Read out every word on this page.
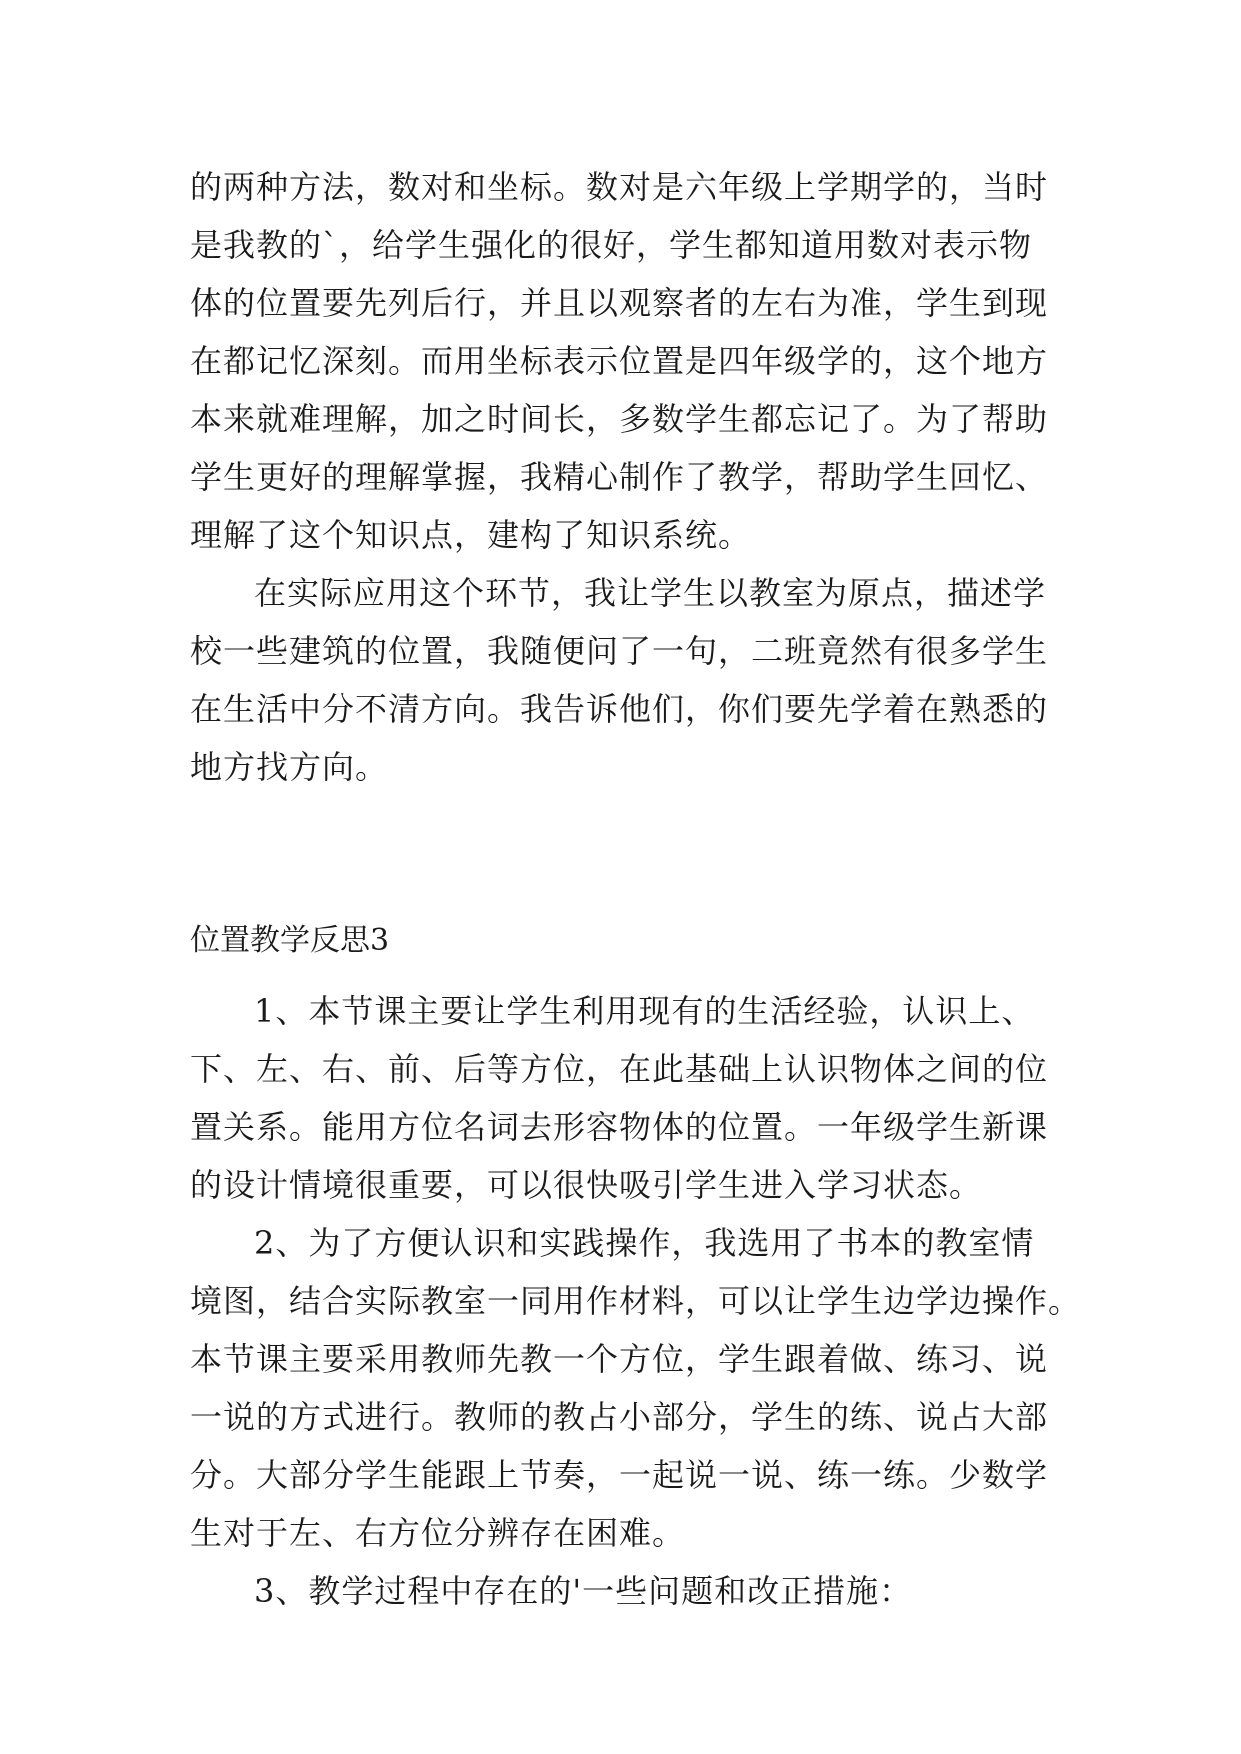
的两种方法，数对和坐标。数对是六年级上学期学的，当时
是我教的`，给学生强化的很好，学生都知道用数对表示物
体的位置要先列后行，并且以观察者的左右为准，学生到现
在都记忆深刻。而用坐标表示位置是四年级学的，这个地方
本来就难理解，加之时间长，多数学生都忘记了。为了帮助
学生更好的理解掌握，我精心制作了教学，帮助学生回忆、
理解了这个知识点，建构了知识系统。
在实际应用这个环节，我让学生以教室为原点，描述学
校一些建筑的位置，我随便问了一句，二班竟然有很多学生
在生活中分不清方向。我告诉他们，你们要先学着在熟悉的
地方找方向。
位置教学反思3
1、本节课主要让学生利用现有的生活经验，认识上、
下、左、右、前、后等方位，在此基础上认识物体之间的位
置关系。能用方位名词去形容物体的位置。一年级学生新课
的设计情境很重要，可以很快吸引学生进入学习状态。
2、为了方便认识和实践操作，我选用了书本的教室情
境图，结合实际教室一同用作材料，可以让学生边学边操作。
本节课主要采用教师先教一个方位，学生跟着做、练习、说
一说的方式进行。教师的教占小部分，学生的练、说占大部
分。大部分学生能跟上节奏，一起说一说、练一练。少数学
生对于左、右方位分辨存在困难。
3、教学过程中存在的'一些问题和改正措施：
